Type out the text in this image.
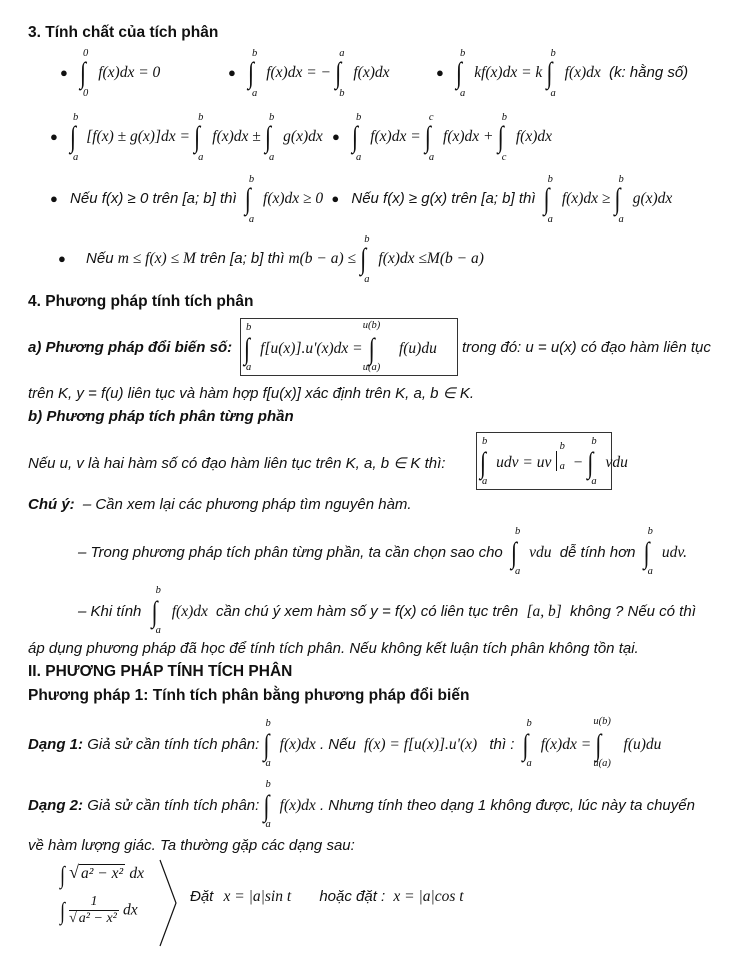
3. Tính chất của tích phân
●
0
∫
0
f(x)dx = 0	●
b
∫
a
f(x)dx = −
a
∫
b
f(x)dx	●
b
∫
a
kf(x)dx = k
b
∫
a
f(x)dx (k: hằng số)
●
b
∫
a
[f(x) ± g(x)]dx =
b
∫
a
f(x)dx ±
b
∫
a
g(x)dx ●
b
∫
a
f(x)dx =
c
∫
a
f(x)dx +
b
∫
c
f(x)dx
● Nếu f(x) ≥ 0 trên [a; b] thì
b
∫
a
f(x)dx ≥ 0 ● Nếu f(x) ≥ g(x) trên [a; b] thì
b
∫
a
f(x)dx ≥
b
∫
a
g(x)dx
● Nếu m ≤ f(x) ≤ M trên [a; b] thì m(b − a) ≤
b
∫
a
f(x)dx ≤M(b − a)
4. Phương pháp tính tích phân
a) Phương pháp đổi biến số:
b
∫
a
f[u(x)].u'(x)dx =
u(b)
∫
u(a)
f(u)du trong đó: u = u(x) có đạo hàm liên tục
trên K, y = f(u) liên tục và hàm hợp f[u(x)] xác định trên K, a, b ∈ K.
b) Phương pháp tích phân từng phần
Nếu u, v là hai hàm số có đạo hàm liên tục trên K, a, b ∈ K thì:
b
∫
a
udv = uv
b
a −
b
∫
a
vdu
Chú ý: – Cần xem lại các phương pháp tìm nguyên hàm.
– Trong phương pháp tích phân từng phần, ta cần chọn sao cho
b
∫
a
vdu dễ tính hơn
b
∫
a
udv.
– Khi tính
b
∫
a
f(x)dx cần chú ý xem hàm số y = f(x) có liên tục trên [a, b] không ? Nếu có thì
áp dụng phương pháp đã học để tính tích phân. Nếu không kết luận tích phân không tồn tại.
II. PHƯƠNG PHÁP TÍNH TÍCH PHÂN
Phương pháp 1: Tính tích phân bằng phương pháp đổi biến
Dạng 1: Giả sử cần tính tích phân:
b
∫
a
f(x)dx . Nếu f(x) = f[u(x)].u'(x) thì :
b
∫
a
f(x)dx =
u(b)
∫
u(a)
f(u)du
Dạng 2: Giả sử cần tính tích phân:
b
∫
a
f(x)dx . Nhưng tính theo dạng 1 không được, lúc này ta chuyển
về hàm lượng giác. Ta thường gặp các dạng sau:
∫ √ a² − x² dx
∫ $\frac{1}{\text{√ a² − x²}}$ dx
Đặt x = |a|sin t hoặc đặt : x = |a|cos t
